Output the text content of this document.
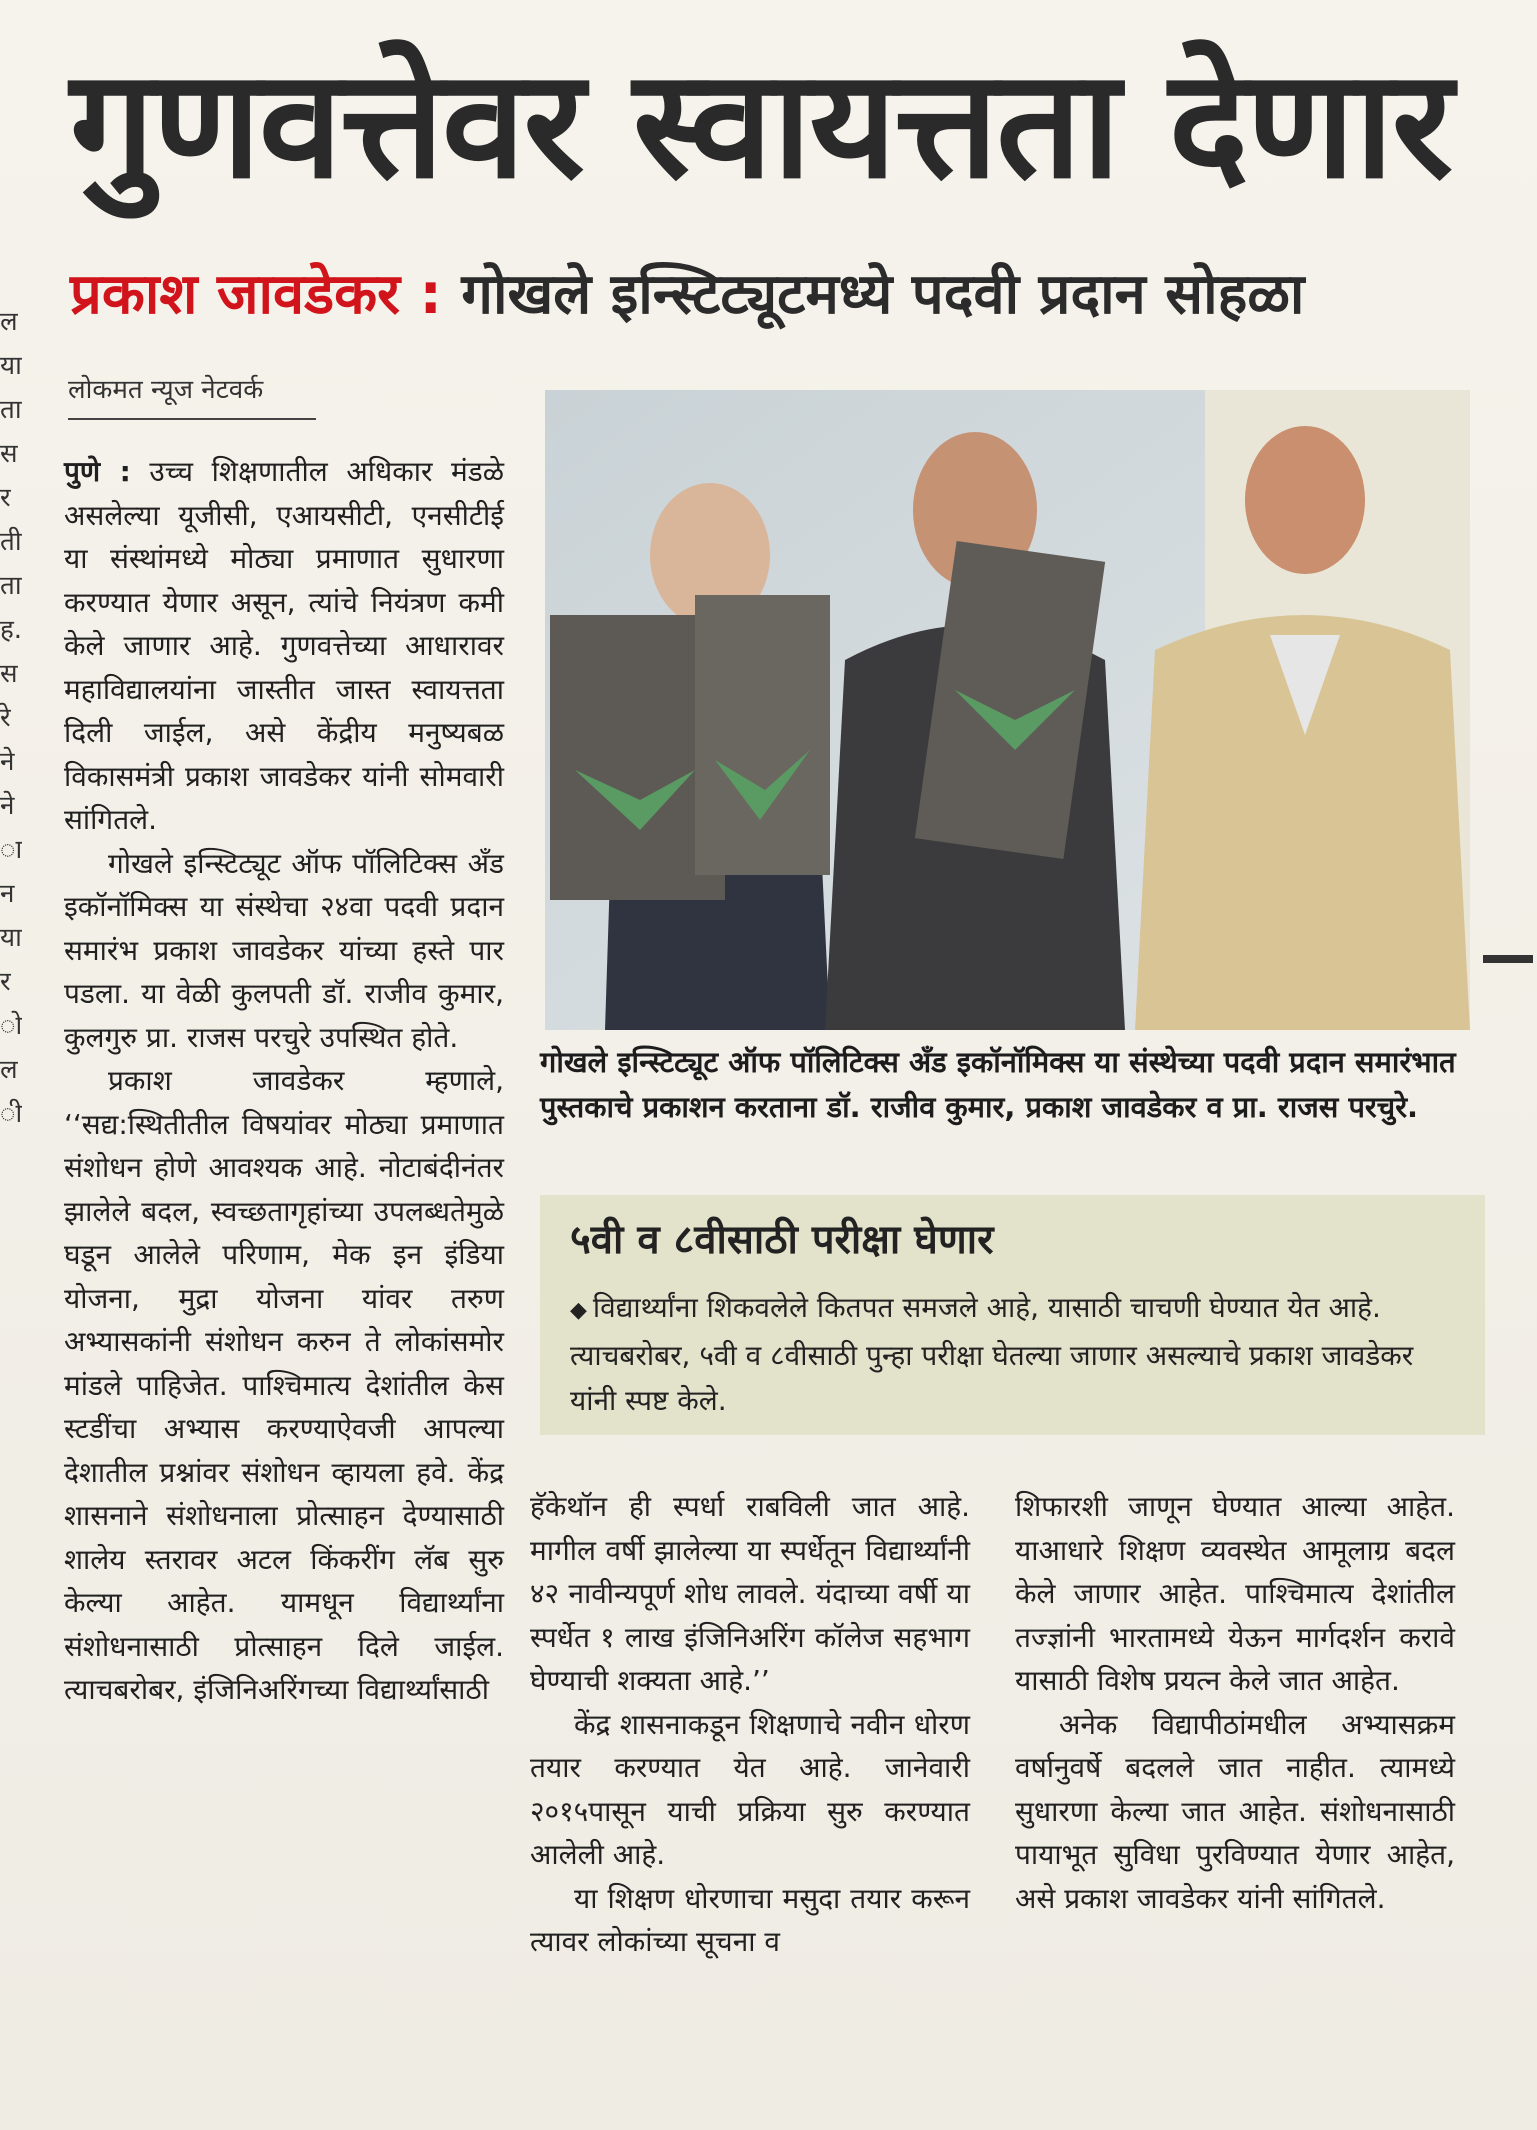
ल
या
ता
स
र
ती
ता
ह.
स
रे
ने
ने
ा
न
या
र
ो
ल
ी
गुणवत्तेवर स्वायत्तता देणार
प्रकाश जावडेकर : गोखले इन्स्टिट्यूटमध्ये पदवी प्रदान सोहळा
लोकमत न्यूज नेटवर्क

पुणे : उच्च शिक्षणातील अधिकार मंडळे असलेल्या यूजीसी, एआयसीटी, एनसीटीई या संस्थांमध्ये मोठ्या प्रमाणात सुधारणा करण्यात येणार असून, त्यांचे नियंत्रण कमी केले जाणार आहे. गुणवत्तेच्या आधारावर महाविद्यालयांना जास्तीत जास्त स्वायत्तता दिली जाईल, असे केंद्रीय मनुष्यबळ विकासमंत्री प्रकाश जावडेकर यांनी सोमवारी सांगितले.

गोखले इन्स्टिट्यूट ऑफ पॉलिटिक्स अँड इकॉनॉमिक्स या संस्थेचा २४वा पदवी प्रदान समारंभ प्रकाश जावडेकर यांच्या हस्ते पार पडला. या वेळी कुलपती डॉ. राजीव कुमार, कुलगुरु प्रा. राजस परचुरे उपस्थित होते.

प्रकाश जावडेकर म्हणाले, ‘‘सद्य:स्थितीतील विषयांवर मोठ्या प्रमाणात संशोधन होणे आवश्यक आहे. नोटाबंदीनंतर झालेले बदल, स्वच्छतागृहांच्या उपलब्धतेमुळे घडून आलेले परिणाम, मेक इन इंडिया योजना, मुद्रा योजना यांवर तरुण अभ्यासकांनी संशोधन करुन ते लोकांसमोर मांडले पाहिजेत. पाश्चिमात्य देशांतील केस स्टडींचा अभ्यास करण्याऐवजी आपल्या देशातील प्रश्नांवर संशोधन व्हायला हवे. केंद्र शासनाने संशोधनाला प्रोत्साहन देण्यासाठी शालेय स्तरावर अटल किंकरींग लॅब सुरु केल्या आहेत. यामधून विद्यार्थ्यांना संशोधनासाठी प्रोत्साहन दिले जाईल. त्याचबरोबर, इंजिनिअरिंगच्या विद्यार्थ्यांसाठी

गोखले इन्स्टिट्यूट ऑफ पॉलिटिक्स अँड इकॉनॉमिक्स या संस्थेच्या पदवी प्रदान समारंभात पुस्तकाचे प्रकाशन करताना डॉ. राजीव कुमार, प्रकाश जावडेकर व प्रा. राजस परचुरे.
५वी व ८वीसाठी परीक्षा घेणार
◆ विद्यार्थ्यांना शिकवलेले कितपत समजले आहे, यासाठी चाचणी घेण्यात येत आहे. त्याचबरोबर, ५वी व ८वीसाठी पुन्हा परीक्षा घेतल्या जाणार असल्याचे प्रकाश जावडेकर यांनी स्पष्ट केले.

हॅकेथॉन ही स्पर्धा राबविली जात आहे. मागील वर्षी झालेल्या या स्पर्धेतून विद्यार्थ्यांनी ४२ नावीन्यपूर्ण शोध लावले. यंदाच्या वर्षी या स्पर्धेत १ लाख इंजिनिअरिंग कॉलेज सहभाग घेण्याची शक्यता आहे.’’

केंद्र शासनाकडून शिक्षणाचे नवीन धोरण तयार करण्यात येत आहे. जानेवारी २०१५पासून याची प्रक्रिया सुरु करण्यात आलेली आहे.

या शिक्षण धोरणाचा मसुदा तयार करून त्यावर लोकांच्या सूचना व

शिफारशी जाणून घेण्यात आल्या आहेत. याआधारे शिक्षण व्यवस्थेत आमूलाग्र बदल केले जाणार आहेत. पाश्चिमात्य देशांतील तज्ज्ञांनी भारतामध्ये येऊन मार्गदर्शन करावे यासाठी विशेष प्रयत्न केले जात आहेत.

अनेक विद्यापीठांमधील अभ्यासक्रम वर्षानुवर्षे बदलले जात नाहीत. त्यामध्ये सुधारणा केल्या जात आहेत. संशोधनासाठी पायाभूत सुविधा पुरविण्यात येणार आहेत, असे प्रकाश जावडेकर यांनी सांगितले.
